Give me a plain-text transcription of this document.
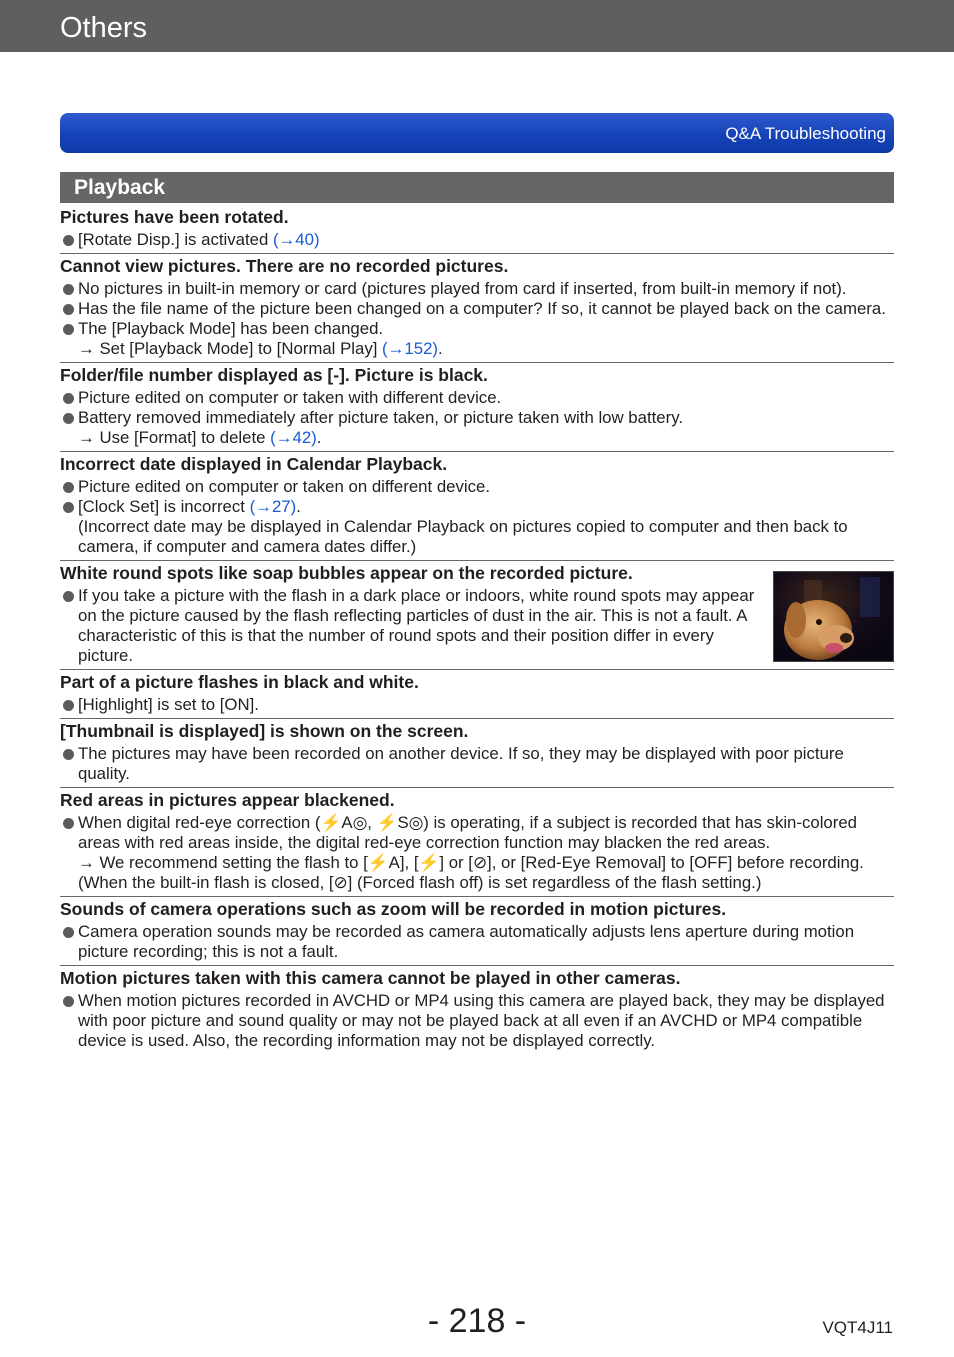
Others
Q&A Troubleshooting
Playback
Pictures have been rotated.
[Rotate Disp.] is activated (→40)
Cannot view pictures. There are no recorded pictures.
No pictures in built-in memory or card (pictures played from card if inserted, from built-in memory if not).
Has the file name of the picture been changed on a computer? If so, it cannot be played back on the camera.
The [Playback Mode] has been changed.
→ Set [Playback Mode] to [Normal Play] (→152).
Folder/file number displayed as [-]. Picture is black.
Picture edited on computer or taken with different device.
Battery removed immediately after picture taken, or picture taken with low battery.
→ Use [Format] to delete (→42).
Incorrect date displayed in Calendar Playback.
Picture edited on computer or taken on different device.
[Clock Set] is incorrect (→27).
(Incorrect date may be displayed in Calendar Playback on pictures copied to computer and then back to camera, if computer and camera dates differ.)
White round spots like soap bubbles appear on the recorded picture.
If you take a picture with the flash in a dark place or indoors, white round spots may appear on the picture caused by the flash reflecting particles of dust in the air. This is not a fault. A characteristic of this is that the number of round spots and their position differ in every picture.
Part of a picture flashes in black and white.
[Highlight] is set to [ON].
[Thumbnail is displayed] is shown on the screen.
The pictures may have been recorded on another device. If so, they may be displayed with poor picture quality.
Red areas in pictures appear blackened.
When digital red-eye correction (⚡A◎, ⚡S◎) is operating, if a subject is recorded that has skin-colored areas with red areas inside, the digital red-eye correction function may blacken the red areas.
→ We recommend setting the flash to [⚡A], [⚡] or [⊘], or [Red-Eye Removal] to [OFF] before recording. (When the built-in flash is closed, [⊘] (Forced flash off) is set regardless of the flash setting.)
Sounds of camera operations such as zoom will be recorded in motion pictures.
Camera operation sounds may be recorded as camera automatically adjusts lens aperture during motion picture recording; this is not a fault.
Motion pictures taken with this camera cannot be played in other cameras.
When motion pictures recorded in AVCHD or MP4 using this camera are played back, they may be displayed with poor picture and sound quality or may not be played back at all even if an AVCHD or MP4 compatible device is used. Also, the recording information may not be displayed correctly.
- 218 -	VQT4J11
